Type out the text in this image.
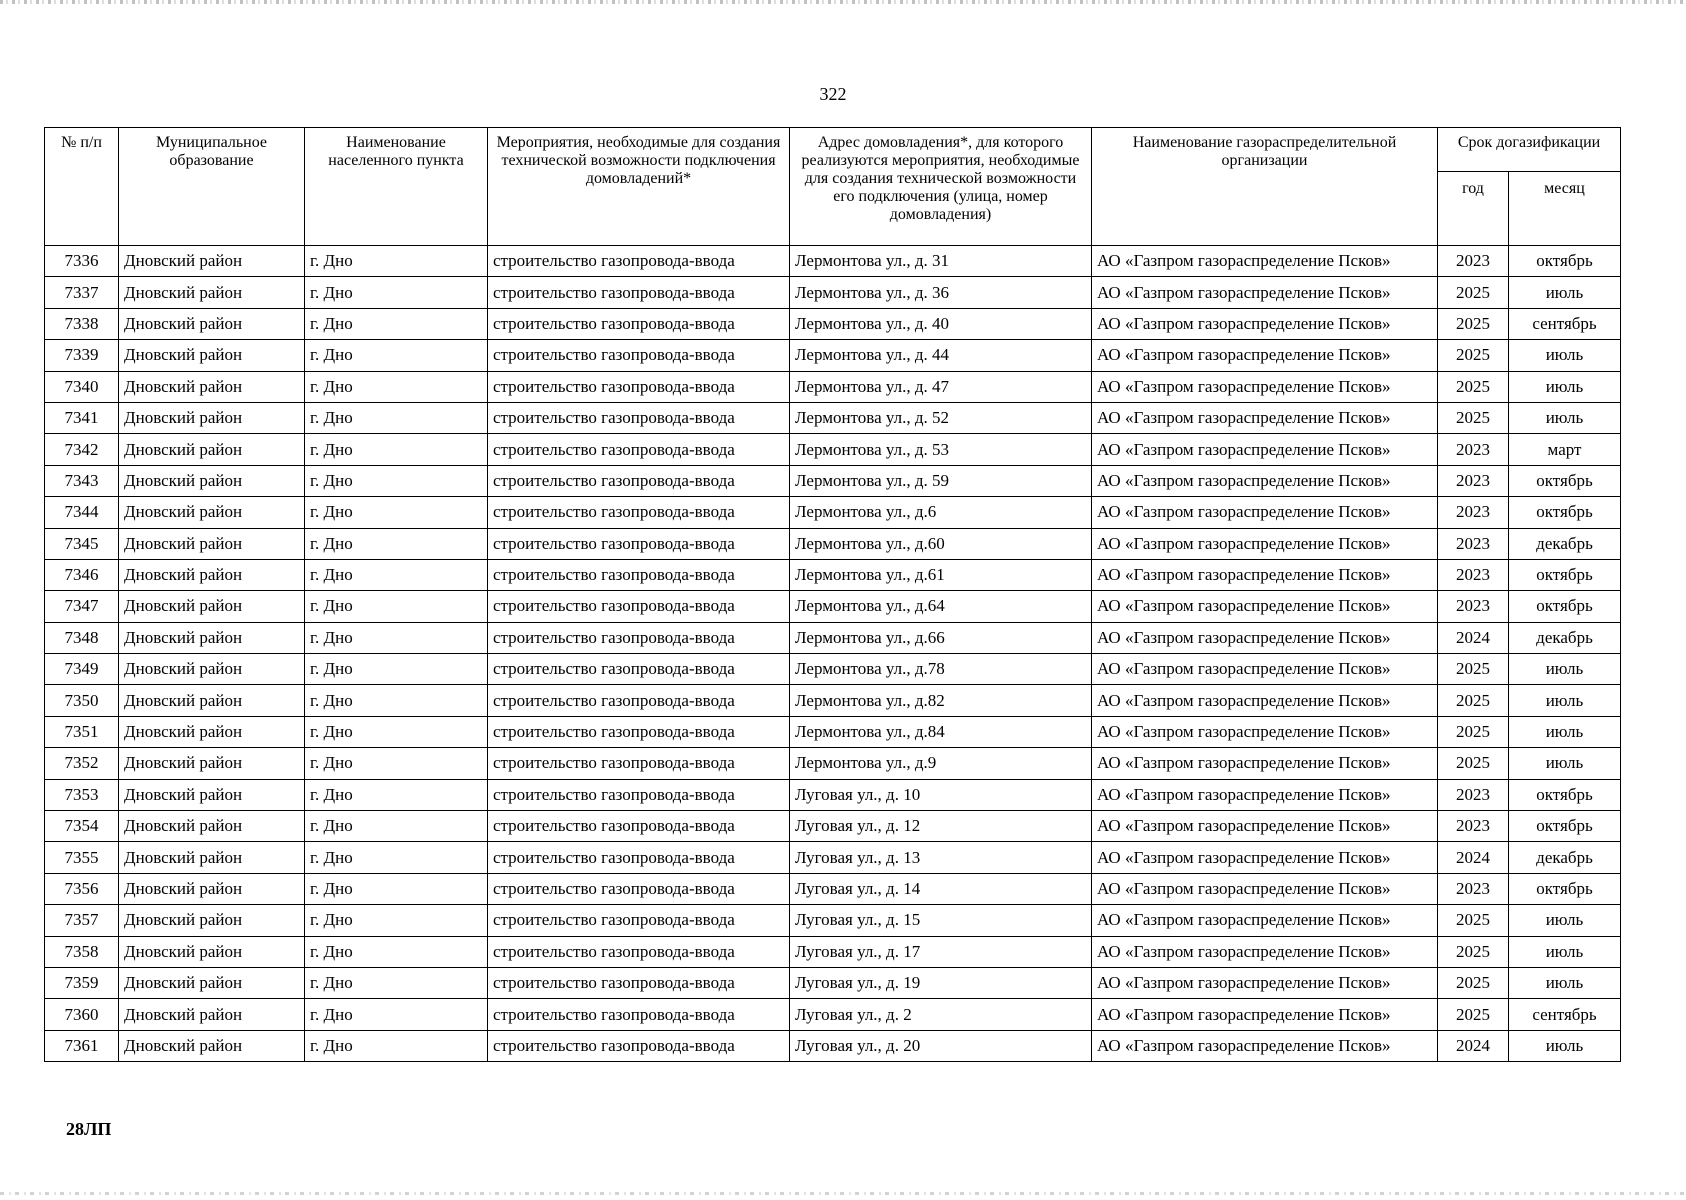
322
№ п/п	Муниципальное образование	Наименование населенного пункта	Мероприятия, необходимые для создания технической возможности подключения домовладений*	Адрес домовладения*, для которого реализуются мероприятия, необходимые для создания технической возможности его подключения (улица, номер домовладения)	Наименование газораспределительной организации	Срок догазификации	
						год	месяц
7336	Дновский район	г. Дно	строительство газопровода-ввода	Лермонтова ул., д. 31	АО «Газпром газораспределение Псков»	2023	октябрь
7337	Дновский район	г. Дно	строительство газопровода-ввода	Лермонтова ул., д. 36	АО «Газпром газораспределение Псков»	2025	июль
7338	Дновский район	г. Дно	строительство газопровода-ввода	Лермонтова ул., д. 40	АО «Газпром газораспределение Псков»	2025	сентябрь
7339	Дновский район	г. Дно	строительство газопровода-ввода	Лермонтова ул., д. 44	АО «Газпром газораспределение Псков»	2025	июль
7340	Дновский район	г. Дно	строительство газопровода-ввода	Лермонтова ул., д. 47	АО «Газпром газораспределение Псков»	2025	июль
7341	Дновский район	г. Дно	строительство газопровода-ввода	Лермонтова ул., д. 52	АО «Газпром газораспределение Псков»	2025	июль
7342	Дновский район	г. Дно	строительство газопровода-ввода	Лермонтова ул., д. 53	АО «Газпром газораспределение Псков»	2023	март
7343	Дновский район	г. Дно	строительство газопровода-ввода	Лермонтова ул., д. 59	АО «Газпром газораспределение Псков»	2023	октябрь
7344	Дновский район	г. Дно	строительство газопровода-ввода	Лермонтова ул., д.6	АО «Газпром газораспределение Псков»	2023	октябрь
7345	Дновский район	г. Дно	строительство газопровода-ввода	Лермонтова ул., д.60	АО «Газпром газораспределение Псков»	2023	декабрь
7346	Дновский район	г. Дно	строительство газопровода-ввода	Лермонтова ул., д.61	АО «Газпром газораспределение Псков»	2023	октябрь
7347	Дновский район	г. Дно	строительство газопровода-ввода	Лермонтова ул., д.64	АО «Газпром газораспределение Псков»	2023	октябрь
7348	Дновский район	г. Дно	строительство газопровода-ввода	Лермонтова ул., д.66	АО «Газпром газораспределение Псков»	2024	декабрь
7349	Дновский район	г. Дно	строительство газопровода-ввода	Лермонтова ул., д.78	АО «Газпром газораспределение Псков»	2025	июль
7350	Дновский район	г. Дно	строительство газопровода-ввода	Лермонтова ул., д.82	АО «Газпром газораспределение Псков»	2025	июль
7351	Дновский район	г. Дно	строительство газопровода-ввода	Лермонтова ул., д.84	АО «Газпром газораспределение Псков»	2025	июль
7352	Дновский район	г. Дно	строительство газопровода-ввода	Лермонтова ул., д.9	АО «Газпром газораспределение Псков»	2025	июль
7353	Дновский район	г. Дно	строительство газопровода-ввода	Луговая ул., д. 10	АО «Газпром газораспределение Псков»	2023	октябрь
7354	Дновский район	г. Дно	строительство газопровода-ввода	Луговая ул., д. 12	АО «Газпром газораспределение Псков»	2023	октябрь
7355	Дновский район	г. Дно	строительство газопровода-ввода	Луговая ул., д. 13	АО «Газпром газораспределение Псков»	2024	декабрь
7356	Дновский район	г. Дно	строительство газопровода-ввода	Луговая ул., д. 14	АО «Газпром газораспределение Псков»	2023	октябрь
7357	Дновский район	г. Дно	строительство газопровода-ввода	Луговая ул., д. 15	АО «Газпром газораспределение Псков»	2025	июль
7358	Дновский район	г. Дно	строительство газопровода-ввода	Луговая ул., д. 17	АО «Газпром газораспределение Псков»	2025	июль
7359	Дновский район	г. Дно	строительство газопровода-ввода	Луговая ул., д. 19	АО «Газпром газораспределение Псков»	2025	июль
7360	Дновский район	г. Дно	строительство газопровода-ввода	Луговая ул., д. 2	АО «Газпром газораспределение Псков»	2025	сентябрь
7361	Дновский район	г. Дно	строительство газопровода-ввода	Луговая ул., д. 20	АО «Газпром газораспределение Псков»	2024	июль
28ЛП
